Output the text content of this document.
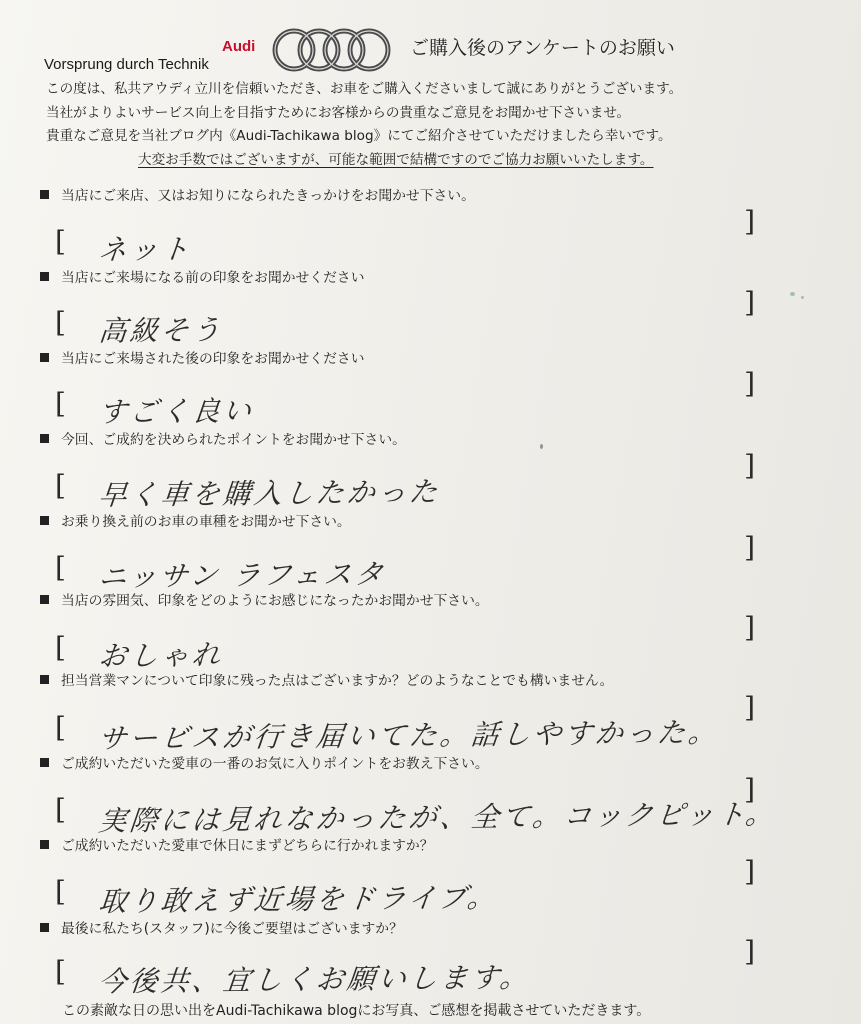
Audi
Vorsprung durch Technik
ご購入後のアンケートのお願い

この度は、私共アウディ立川を信頼いただき、お車をご購入くださいまして誠にありがとうございます。

当社がよりよいサービス向上を目指すためにお客様からの貴重なご意見をお聞かせ下さいませ。

貴重なご意見を当社ブログ内《Audi-Tachikawa blog》にてご紹介させていただけましたら幸いです。

大変お手数ではございますが、可能な範囲で結構ですのでご協力お願いいたします。

当店にご来店、又はお知りになられたきっかけをお聞かせ下さい。
[ ネット
]
当店にご来場になる前の印象をお聞かせください
[ 高級そう
]
当店にご来場された後の印象をお聞かせください
[ すごく良い
]
今回、ご成約を決められたポイントをお聞かせ下さい。
[ 早く車を購入したかった
]
お乗り換え前のお車の車種をお聞かせ下さい。
[ ニッサン ラフェスタ
]
当店の雰囲気、印象をどのようにお感じになったかお聞かせ下さい。
[ おしゃれ
]
担当営業マンについて印象に残った点はございますか？どのようなことでも構いません。
[ サービスが行き届いてた。話しやすかった。
]
ご成約いただいた愛車の一番のお気に入りポイントをお教え下さい。
[ 実際には見れなかったが、全て。コックピット。
]
ご成約いただいた愛車で休日にまずどちらに行かれますか？
[ 取り敢えず近場をドライブ。
]
最後に私たち(スタッフ)に今後ご要望はございますか？
[ 今後共、宜しくお願いします。
]
この素敵な日の思い出をAudi-Tachikawa blogにお写真、ご感想を掲載させていただきます。
